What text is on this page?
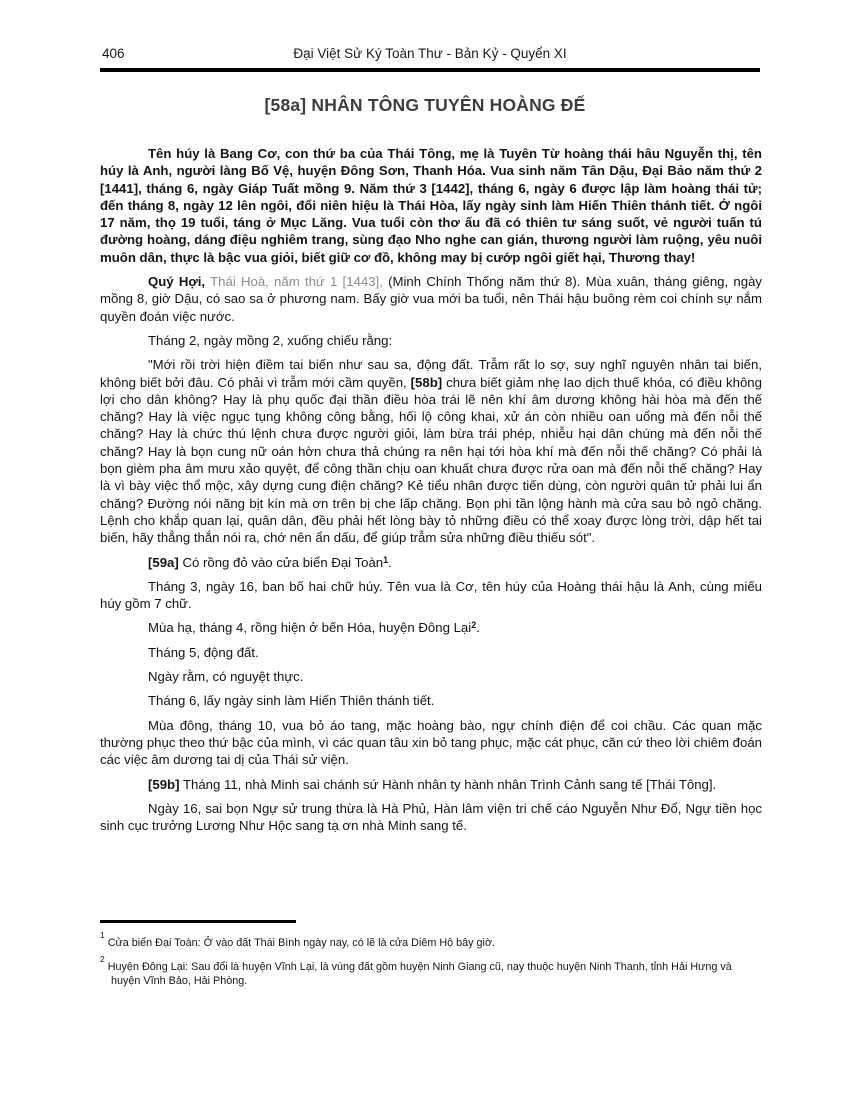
406	Đại Việt Sử Ký Toàn Thư - Bản Kỷ - Quyển XI
[58a] NHÂN TÔNG TUYÊN HOÀNG ĐẾ

Tên húy là Bang Cơ, con thứ ba của Thái Tông, mẹ là Tuyên Từ hoàng thái hâu Nguyễn thị, tên húy là Anh, người làng Bố Vệ, huyện Đông Sơn, Thanh Hóa. Vua sinh năm Tân Dậu, Đại Bảo năm thứ 2 [1441], tháng 6, ngày Giáp Tuất mồng 9. Năm thứ 3 [1442], tháng 6, ngày 6 được lập làm hoàng thái tử; đến tháng 8, ngày 12 lên ngôi, đổi niên hiệu là Thái Hòa, lấy ngày sinh làm Hiến Thiên thánh tiết. Ở ngôi 17 năm, thọ 19 tuổi, táng ở Mục Lăng. Vua tuổi còn thơ ấu đã có thiên tư sáng suốt, vẻ người tuấn tú đường hoàng, dáng điệu nghiêm trang, sùng đạo Nho nghe can gián, thương người làm ruộng, yêu nuôi muôn dân, thực là bậc vua giỏi, biết giữ cơ đồ, không may bị cướp ngôi giết hại, Thương thay!

Quý Hợi, Thái Hoà, năm thứ 1 [1443], (Minh Chính Thống năm thứ 8). Mùa xuân, tháng giêng, ngày mồng 8, giờ Dậu, có sao sa ở phương nam. Bấy giờ vua mới ba tuổi, nên Thái hậu buông rèm coi chính sự nắm quyền đoán việc nước.

Tháng 2, ngày mồng 2, xuống chiếu rằng:

"Mới rồi trời hiện điềm tai biến như sau sa, động đất. Trẫm rất lo sợ, suy nghĩ nguyên nhân tai biến, không biết bởi đâu. Có phải vì trẫm mới cầm quyền, [58b] chưa biết giảm nhẹ lao dịch thuế khóa, có điều không lợi cho dân không? Hay là phụ quốc đại thần điều hòa trái lẽ nên khí âm dương không hài hòa mà đến thế chăng? Hay là việc ngục tụng không công bằng, hối lộ công khai, xử án còn nhiều oan uổng mà đến nỗi thế chăng? Hay là chức thú lệnh chưa được người giỏi, làm bừa trái phép, nhiễu hại dân chúng mà đến nỗi thế chăng? Hay là bọn cung nữ oán hờn chưa thả chúng ra nên hại tới hòa khí mà đến nỗi thế chăng? Có phải là bọn gièm pha âm mưu xảo quyệt, để công thần chịu oan khuất chưa được rửa oan mà đến nỗi thế chăng? Hay là vì bày việc thổ mộc, xây dựng cung điện chăng? Kẻ tiểu nhân được tiến dùng, còn người quân tử phải lui ẩn chăng? Đường nói năng bịt kín mà ơn trên bị che lấp chăng. Bọn phi tần lộng hành mà cửa sau bỏ ngỏ chăng. Lệnh cho khắp quan lại, quân dân, đều phải hết lòng bày tỏ những điều có thể xoay được lòng trời, dập hết tai biến, hãy thẳng thắn nói ra, chớ nên ẩn dấu, để giúp trẫm sửa những điều thiếu sót".

[59a] Có rồng đỏ vào cửa biển Đại Toàn$^1$.

Tháng 3, ngày 16, ban bố hai chữ húy. Tên vua là Cơ, tên húy của Hoàng thái hậu là Anh, cùng miếu húy gồm 7 chữ.

Mùa hạ, tháng 4, rồng hiện ở bến Hóa, huyện Đông Lại$^2$.

Tháng 5, động đất.

Ngày rằm, có nguyệt thực.

Tháng 6, lấy ngày sinh làm Hiến Thiên thánh tiết.

Mùa đông, tháng 10, vua bỏ áo tang, mặc hoàng bào, ngự chính điện để coi chầu. Các quan mặc thường phục theo thứ bậc của mình, vì các quan tâu xin bỏ tang phục, mặc cát phục, căn cứ theo lời chiêm đoán các việc âm dương tai dị của Thái sử viện.

[59b] Tháng 11, nhà Minh sai chánh sứ Hành nhân ty hành nhân Trình Cảnh sang tế [Thái Tông].

Ngày 16, sai bọn Ngự sử trung thừa là Hà Phủ, Hàn lâm viện tri chế cáo Nguyễn Như Đổ, Ngự tiền học sinh cục trưởng Lương Như Hộc sang tạ ơn nhà Minh sang tế.

$^1$ Cửa biển Đại Toàn: Ở vào đất Thái Bình ngày nay, có lẽ là cửa Diêm Hộ bây giờ.

$^2$ Huyện Đông Lại: Sau đổi là huyện Vĩnh Lại, là vùng đất gồm huyện Ninh Giang cũ, nay thuộc huyện Ninh Thanh, tỉnh Hải Hưng và huyện Vĩnh Bảo, Hải Phòng.
